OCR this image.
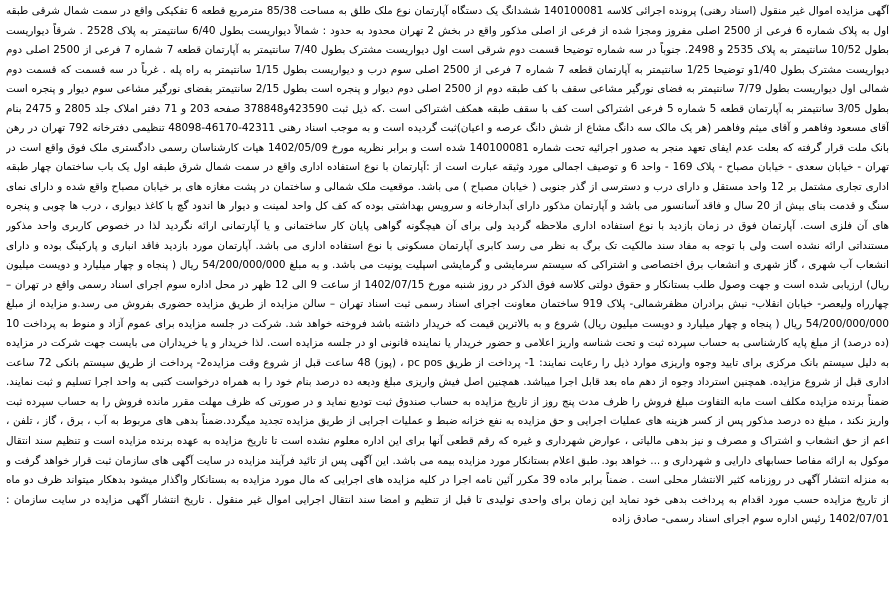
آگهی مزایده اموال غیر منقول (اسناد رهنی) پرونده اجرائی کلاسه 140100081 ششدانگ یک دستگاه آپارتمان نوع ملک طلق به مساحت 85/38 مترمربع قطعه 6 تفکیکی واقع در سمت شمال شرقی طبقه اول به پلاک شماره 6 فرعی از 2500 اصلی مفروز ومجزا شده از فرعی از اصلی مذکور واقع در بخش 2 تهران محدود به حدود : شمالاً دیواریست بطول 6/40 سانتیمتر به پلاک 2528 . شرقاً دیواریست بطول 10/52 سانتیمتر به پلاک 2535 و 2498. جنوباً در سه شماره توضیحا قسمت دوم شرقی است اول دیواریست مشترک بطول 7/40 سانتیمتر به آپارتمان قطعه 7 شماره 7 فرعی از 2500 اصلی دوم دیواریست مشترک بطول 1/40و توضیحا 1/25 سانتیمتر به آپارتمان قطعه 7 شماره 7 فرعی از 2500 اصلی سوم درب و دیواریست بطول 1/15 سانتیمتر به راه پله . غرباً در سه قسمت که قسمت دوم شمالی اول دیواریست بطول 7/79 سانتیمتر به فضای نورگیر مشاعی سقف با کف طبقه دوم از 2500 اصلی دوم دیوار و پنجره است بطول 2/15 سانتیمتر بفضای نورگیر مشاعی سوم دیوار و پنجره است بطول 3/05 سانتیمتر به آپارتمان قطعه 5 شماره 5 فرعی اشتراکی است کف با سقف طبقه همکف اشتراکی است .که ذیل ثبت 423590و378848 صفحه 203 و 71 دفتر املاک جلد 2805 و 2475 بنام آقای مسعود وفاهمر و آقای میثم وفاهمر (هر یک مالک سه دانگ مشاع از شش دانگ عرصه و اعیان)ثبت گردیده است و به موجب اسناد رهنی 42311-46170-48098 تنظیمی دفترخانه 792 تهران در رهن بانک ملت قرار گرفته که بعلت عدم ایفای تعهد منجر به صدور اجرائیه تحت شماره 140100081 شده است و برابر نظریه مورخ 1402/05/09 هیات کارشناسان رسمی دادگستری ملک فوق واقع است در تهران - خیابان سعدی - خیابان مصباح - پلاک 169 - واحد 6 و توصیف اجمالی مورد وثیقه عبارت است از :آپارتمان با نوع استفاده اداری واقع در سمت شمال شرق طبقه اول یک باب ساختمان چهار طبقه اداری تجاری مشتمل بر 12 واحد مستقل و دارای درب و دسترسی از گذر جنوبی ( خیابان مصباح ) می باشد. موقعیت ملک شمالی و ساختمان در پشت مغازه های بر خیابان مصباح واقع شده و دارای نمای سنگ و قدمت بنای بیش از 20 سال و فاقد آسانسور می باشد و آپارتمان مذکور دارای آبدارخانه و سرویس بهداشتی بوده که کف کل واحد لمینت و دیوار ها اندود گچ با کاغذ دیواری ، درب ها چوبی و پنجره های آن فلزی است. آپارتمان فوق در زمان بازدید با نوع استفاده اداری ملاحظه گردید ولی برای آن هیچگونه گواهی پایان کار ساختمانی و یا آپارتمانی ارائه نگردید لذا در خصوص کاربری واحد مذکور مستنداتی ارائه نشده است ولی با توجه به مفاد سند مالکیت تک برگ به نظر می رسد کابری آپارتمان مسکونی با نوع استفاده اداری می باشد. آپارتمان مورد بازدید فاقد انباری و پارکینگ بوده و دارای انشعاب آب شهری ، گاز شهری و انشعاب برق اختصاصی و اشتراکی که سیستم سرمایشی و گرمایشی اسپلیت یونیت می باشد. و به مبلغ 54/200/000/000 ریال ( پنجاه و چهار میلیارد و دویست میلیون ریال) ارزیابی شده است و جهت وصول طلب بستانکار و حقوق دولتی کلاسه فوق الذکر در روز شنبه مورخ 1402/07/15 از ساعت 9 الی 12 ظهر در محل اداره سوم اجرای اسناد رسمی واقع در تهران – چهارراه ولیعصر- خیابان انقلاب- نبش برادران مظفرشمالی- پلاک 919 ساختمان معاونت اجرای اسناد رسمی ثبت اسناد تهران – سالن مزایده از طریق مزایده حضوری بفروش می رسد.و مزایده از مبلغ 54/200/000/000 ریال ( پنجاه و چهار میلیارد و دویست میلیون ریال) شروع و به بالاترین قیمت که خریدار داشته باشد فروخته خواهد شد. شرکت در جلسه مزایده برای عموم آزاد و منوط به پرداخت 10 (ده درصد) از مبلغ پایه کارشناسی به حساب سپرده ثبت و تحت شناسه واریز اعلامی و حضور خریدار یا نماینده قانونی او در جلسه مزایده است. لذا خریدار و یا خریداران می بایست جهت شرکت در مزایده به دلیل سیستم بانک مرکزی برای تایید وجوه واریزی موارد ذیل را رعایت نمایند: 1- پرداخت از طریق pc pos ، (پوز) 48 ساعت قبل از شروع وقت مزایده2- پرداخت از طریق سیستم بانکی 72 ساعت اداری قبل از شروع مزایده. همچنین استرداد وجوه از دهم ماه بعد قابل اجرا میباشد. همچنین اصل فیش واریزی مبلغ ودیعه ده درصد بنام خود را به همراه درخواست کتبی به واحد اجرا تسلیم و ثبت نمایند. ضمناً برنده مزایده مکلف است مابه التفاوت مبلغ فروش را ظرف مدت پنج روز از تاریخ مزایده به حساب صندوق ثبت تودیع نماید و در صورتی که ظرف مهلت مقرر مانده فروش را به حساب سپرده ثبت واریز نکند ، مبلغ ده درصد مذکور پس از کسر هزینه های عملیات اجرایی و حق مزایده به نفع خزانه ضبط و عملیات اجرایی از طریق مزایده تجدید میگردد.ضمناً بدهی های مربوط به آب ، برق ، گاز ، تلفن ، اعم از حق انشعاب و اشتراک و مصرف و نیز بدهی مالیاتی ، عوارض شهرداری و غیره که رقم قطعی آنها برای این اداره معلوم نشده است تا تاریخ مزایده به عهده برنده مزایده است و تنظیم سند انتقال موکول به ارائه مفاصا حسابهای دارایی و شهرداری و ... خواهد بود. طبق اعلام بستانکار مورد مزایده بیمه می باشد. این آگهی پس از تائید فرآیند مزایده در سایت آگهی های سازمان ثبت قرار خواهد گرفت و به منزله انتشار آگهی در روزنامه کثیر الانتشار محلی است . ضمناً برابر ماده 39 مکرر آئین نامه اجرا در کلیه مزایده های اجرایی که مال مورد مزایده به بستانکار واگذار میشود بدهکار میتواند ظرف دو ماه از تاریخ مزایده حسب مورد اقدام به پرداخت بدهی خود نماید این زمان برای واحدی تولیدی تا قبل از تنظیم و امضا سند انتقال اجرایی اموال غیر منقول . تاریخ انتشار آگهی مزایده در سایت سازمان : 1402/07/01 رئیس اداره سوم اجرای اسناد رسمی- صادق زاده
